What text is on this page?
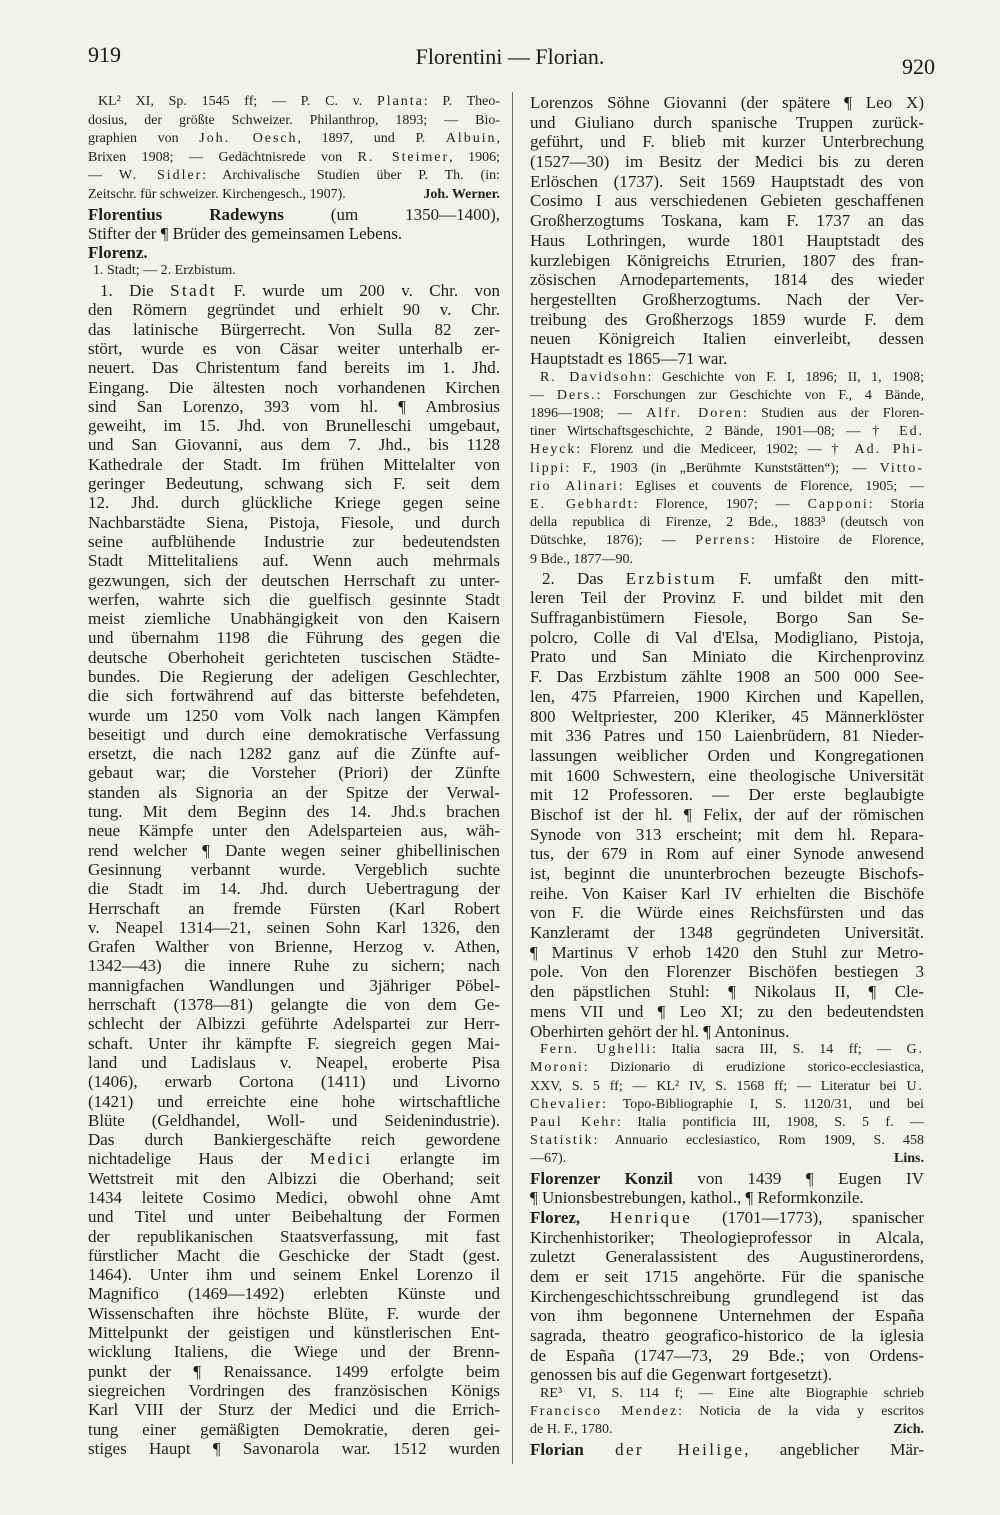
919	Florentini — Florian.	920
KL² XI, Sp. 1545 ff; — P. C. v. Planta: P. Theo-
dosius, der größte Schweizer. Philanthrop, 1893; — Bio-
graphien von Joh. Oesch, 1897, und P. Albuin,
Brixen 1908; — Gedächtnisrede von R. Steimer, 1906;
— W. Sidler: Archivalische Studien über P. Th. (in:
Zeitschr. für schweizer. Kirchengesch., 1907).	Joh. Werner.
Florentius Radewyns (um 1350—1400),
Stifter der ¶ Brüder des gemeinsamen Lebens.
Florenz.
1. Stadt; — 2. Erzbistum.
1. Die Stadt F. wurde um 200 v. Chr. von
den Römern gegründet und erhielt 90 v. Chr.
das latinische Bürgerrecht. Von Sulla 82 zer-
stört, wurde es von Cäsar weiter unterhalb er-
neuert. Das Christentum fand bereits im 1. Jhd.
Eingang. Die ältesten noch vorhandenen Kirchen
sind San Lorenzo, 393 vom hl. ¶ Ambrosius
geweiht, im 15. Jhd. von Brunelleschi umgebaut,
und San Giovanni, aus dem 7. Jhd., bis 1128
Kathedrale der Stadt. Im frühen Mittelalter von
geringer Bedeutung, schwang sich F. seit dem
12. Jhd. durch glückliche Kriege gegen seine
Nachbarstädte Siena, Pistoja, Fiesole, und durch
seine aufblühende Industrie zur bedeutendsten
Stadt Mittelitaliens auf. Wenn auch mehrmals
gezwungen, sich der deutschen Herrschaft zu unter-
werfen, wahrte sich die guelfisch gesinnte Stadt
meist ziemliche Unabhängigkeit von den Kaisern
und übernahm 1198 die Führung des gegen die
deutsche Oberhoheit gerichteten tuscischen Städte-
bundes. Die Regierung der adeligen Geschlechter,
die sich fortwährend auf das bitterste befehdeten,
wurde um 1250 vom Volk nach langen Kämpfen
beseitigt und durch eine demokratische Verfassung
ersetzt, die nach 1282 ganz auf die Zünfte auf-
gebaut war; die Vorsteher (Priori) der Zünfte
standen als Signoria an der Spitze der Verwal-
tung. Mit dem Beginn des 14. Jhd.s brachen
neue Kämpfe unter den Adelsparteien aus, wäh-
rend welcher ¶ Dante wegen seiner ghibellinischen
Gesinnung verbannt wurde. Vergeblich suchte
die Stadt im 14. Jhd. durch Uebertragung der
Herrschaft an fremde Fürsten (Karl Robert
v. Neapel 1314—21, seinen Sohn Karl 1326, den
Grafen Walther von Brienne, Herzog v. Athen,
1342—43) die innere Ruhe zu sichern; nach
mannigfachen Wandlungen und 3jähriger Pöbel-
herrschaft (1378—81) gelangte die von dem Ge-
schlecht der Albizzi geführte Adelspartei zur Herr-
schaft. Unter ihr kämpfte F. siegreich gegen Mai-
land und Ladislaus v. Neapel, eroberte Pisa
(1406), erwarb Cortona (1411) und Livorno
(1421) und erreichte eine hohe wirtschaftliche
Blüte (Geldhandel, Woll- und Seidenindustrie).
Das durch Bankiergeschäfte reich gewordene
nichtadelige Haus der Medici erlangte im
Wettstreit mit den Albizzi die Oberhand; seit
1434 leitete Cosimo Medici, obwohl ohne Amt
und Titel und unter Beibehaltung der Formen
der republikanischen Staatsverfassung, mit fast
fürstlicher Macht die Geschicke der Stadt (gest.
1464). Unter ihm und seinem Enkel Lorenzo il
Magnifico (1469—1492) erlebten Künste und
Wissenschaften ihre höchste Blüte, F. wurde der
Mittelpunkt der geistigen und künstlerischen Ent-
wicklung Italiens, die Wiege und der Brenn-
punkt der ¶ Renaissance. 1499 erfolgte beim
siegreichen Vordringen des französischen Königs
Karl VIII der Sturz der Medici und die Errich-
tung einer gemäßigten Demokratie, deren gei-
stiges Haupt ¶ Savonarola war. 1512 wurden
Lorenzos Söhne Giovanni (der spätere ¶ Leo X)
und Giuliano durch spanische Truppen zurück-
geführt, und F. blieb mit kurzer Unterbrechung
(1527—30) im Besitz der Medici bis zu deren
Erlöschen (1737). Seit 1569 Hauptstadt des von
Cosimo I aus verschiedenen Gebieten geschaffenen
Großherzogtums Toskana, kam F. 1737 an das
Haus Lothringen, wurde 1801 Hauptstadt des
kurzlebigen Königreichs Etrurien, 1807 des fran-
zösischen Arnodepartements, 1814 des wieder
hergestellten Großherzogtums. Nach der Ver-
treibung des Großherzogs 1859 wurde F. dem
neuen Königreich Italien einverleibt, dessen
Hauptstadt es 1865—71 war.
R. Davidsohn: Geschichte von F. I, 1896; II, 1, 1908;
— Ders.: Forschungen zur Geschichte von F., 4 Bände,
1896—1908; — Alfr. Doren: Studien aus der Floren-
tiner Wirtschaftsgeschichte, 2 Bände, 1901—08; — † Ed.
Heyck: Florenz und die Mediceer, 1902; — † Ad. Phi-
lippi: F., 1903 (in „Berühmte Kunststätten“); — Vitto-
rio Alinari: Eglises et couvents de Florence, 1905; —
E. Gebhardt: Florence, 1907; — Capponi: Storia
della republica di Firenze, 2 Bde., 1883³ (deutsch von
Dütschke, 1876); — Perrens: Histoire de Florence,
9 Bde., 1877—90.
2. Das Erzbistum F. umfaßt den mitt-
leren Teil der Provinz F. und bildet mit den
Suffraganbistümern Fiesole, Borgo San Se-
polcro, Colle di Val d'Elsa, Modigliano, Pistoja,
Prato und San Miniato die Kirchenprovinz
F. Das Erzbistum zählte 1908 an 500 000 See-
len, 475 Pfarreien, 1900 Kirchen und Kapellen,
800 Weltpriester, 200 Kleriker, 45 Männerklöster
mit 336 Patres und 150 Laienbrüdern, 81 Nieder-
lassungen weiblicher Orden und Kongregationen
mit 1600 Schwestern, eine theologische Universität
mit 12 Professoren. — Der erste beglaubigte
Bischof ist der hl. ¶ Felix, der auf der römischen
Synode von 313 erscheint; mit dem hl. Repara-
tus, der 679 in Rom auf einer Synode anwesend
ist, beginnt die ununterbrochen bezeugte Bischofs-
reihe. Von Kaiser Karl IV erhielten die Bischöfe
von F. die Würde eines Reichsfürsten und das
Kanzleramt der 1348 gegründeten Universität.
¶ Martinus V erhob 1420 den Stuhl zur Metro-
pole. Von den Florenzer Bischöfen bestiegen 3
den päpstlichen Stuhl: ¶ Nikolaus II, ¶ Cle-
mens VII und ¶ Leo XI; zu den bedeutendsten
Oberhirten gehört der hl. ¶ Antoninus.
Fern. Ughelli: Italia sacra III, S. 14 ff; — G.
Moroni: Dizionario di erudizione storico-ecclesiastica,
XXV, S. 5 ff; — KL² IV, S. 1568 ff; — Literatur bei U.
Chevalier: Topo-Bibliographie I, S. 1120/31, und bei
Paul Kehr: Italia pontificia III, 1908, S. 5 f. —
Statistik: Annuario ecclesiastico, Rom 1909, S. 458
—67).	Lins.
Florenzer Konzil von 1439 ¶ Eugen IV
¶ Unionsbestrebungen, kathol., ¶ Reformkonzile.
Florez, Henrique (1701—1773), spanischer
Kirchenhistoriker; Theologieprofessor in Alcala,
zuletzt Generalassistent des Augustinerordens,
dem er seit 1715 angehörte. Für die spanische
Kirchengeschichtsschreibung grundlegend ist das
von ihm begonnene Unternehmen der España
sagrada, theatro geografico-historico de la iglesia
de España (1747—73, 29 Bde.; von Ordens-
genossen bis auf die Gegenwart fortgesetzt).
RE³ VI, S. 114 f; — Eine alte Biographie schrieb
Francisco Mendez: Noticia de la vida y escritos
de H. F., 1780.	Zich.
Florian der Heilige, angeblicher Mär-
